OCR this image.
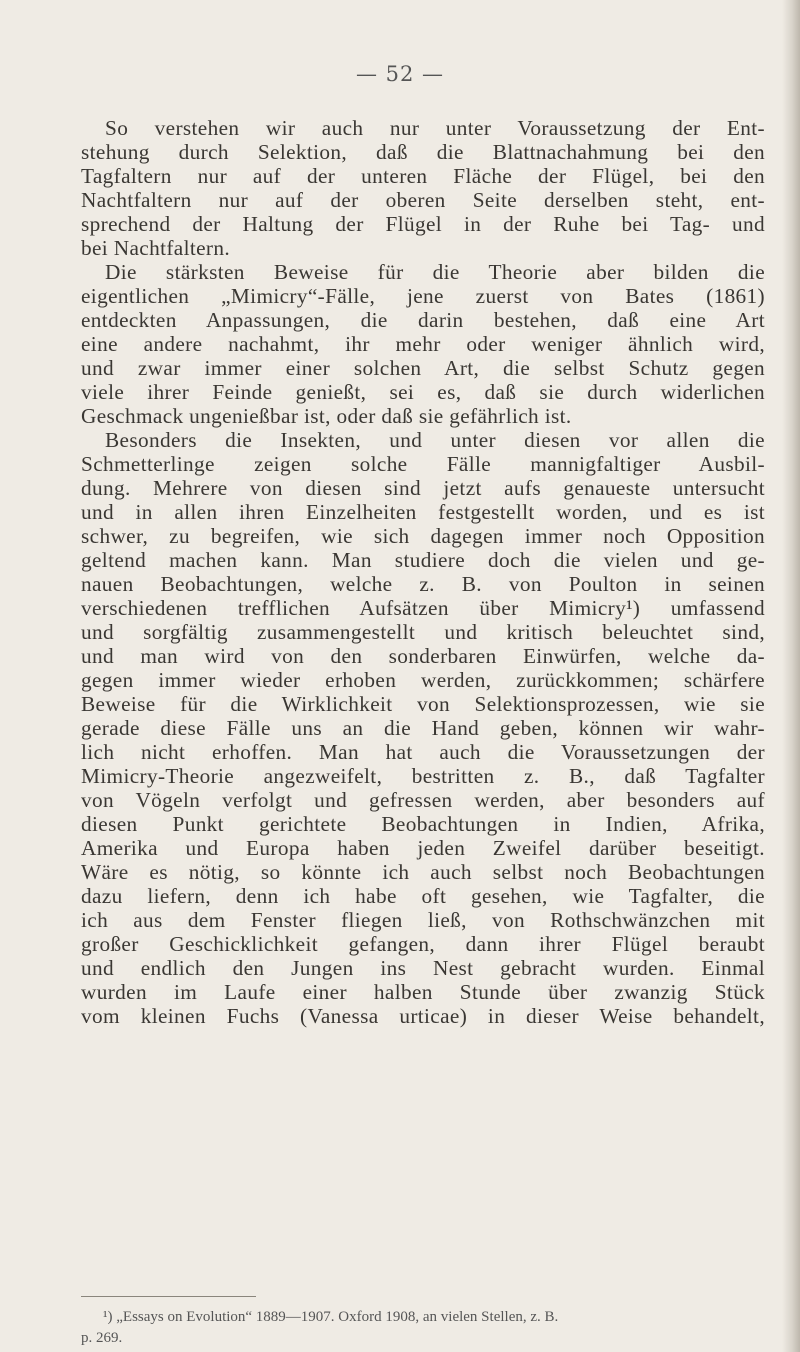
— 52 —
So verstehen wir auch nur unter Voraussetzung der Ent-
stehung durch Selektion, daß die Blattnachahmung bei den
Tagfaltern nur auf der unteren Fläche der Flügel, bei den
Nachtfaltern nur auf der oberen Seite derselben steht, ent-
sprechend der Haltung der Flügel in der Ruhe bei Tag- und
bei Nachtfaltern.
Die stärksten Beweise für die Theorie aber bilden die
eigentlichen „Mimicry“-Fälle, jene zuerst von Bates (1861)
entdeckten Anpassungen, die darin bestehen, daß eine Art
eine andere nachahmt, ihr mehr oder weniger ähnlich wird,
und zwar immer einer solchen Art, die selbst Schutz gegen
viele ihrer Feinde genießt, sei es, daß sie durch widerlichen
Geschmack ungenießbar ist, oder daß sie gefährlich ist.
Besonders die Insekten, und unter diesen vor allen die
Schmetterlinge zeigen solche Fälle mannigfaltiger Ausbil-
dung. Mehrere von diesen sind jetzt aufs genaueste untersucht
und in allen ihren Einzelheiten festgestellt worden, und es ist
schwer, zu begreifen, wie sich dagegen immer noch Opposition
geltend machen kann. Man studiere doch die vielen und ge-
nauen Beobachtungen, welche z. B. von Poulton in seinen
verschiedenen trefflichen Aufsätzen über Mimicry¹) umfassend
und sorgfältig zusammengestellt und kritisch beleuchtet sind,
und man wird von den sonderbaren Einwürfen, welche da-
gegen immer wieder erhoben werden, zurückkommen; schärfere
Beweise für die Wirklichkeit von Selektionsprozessen, wie sie
gerade diese Fälle uns an die Hand geben, können wir wahr-
lich nicht erhoffen. Man hat auch die Voraussetzungen der
Mimicry-Theorie angezweifelt, bestritten z. B., daß Tagfalter
von Vögeln verfolgt und gefressen werden, aber besonders auf
diesen Punkt gerichtete Beobachtungen in Indien, Afrika,
Amerika und Europa haben jeden Zweifel darüber beseitigt.
Wäre es nötig, so könnte ich auch selbst noch Beobachtungen
dazu liefern, denn ich habe oft gesehen, wie Tagfalter, die
ich aus dem Fenster fliegen ließ, von Rothschwänzchen mit
großer Geschicklichkeit gefangen, dann ihrer Flügel beraubt
und endlich den Jungen ins Nest gebracht wurden. Einmal
wurden im Laufe einer halben Stunde über zwanzig Stück
vom kleinen Fuchs (Vanessa urticae) in dieser Weise behandelt,
¹) „Essays on Evolution“ 1889—1907. Oxford 1908, an vielen Stellen, z. B.
p. 269.
